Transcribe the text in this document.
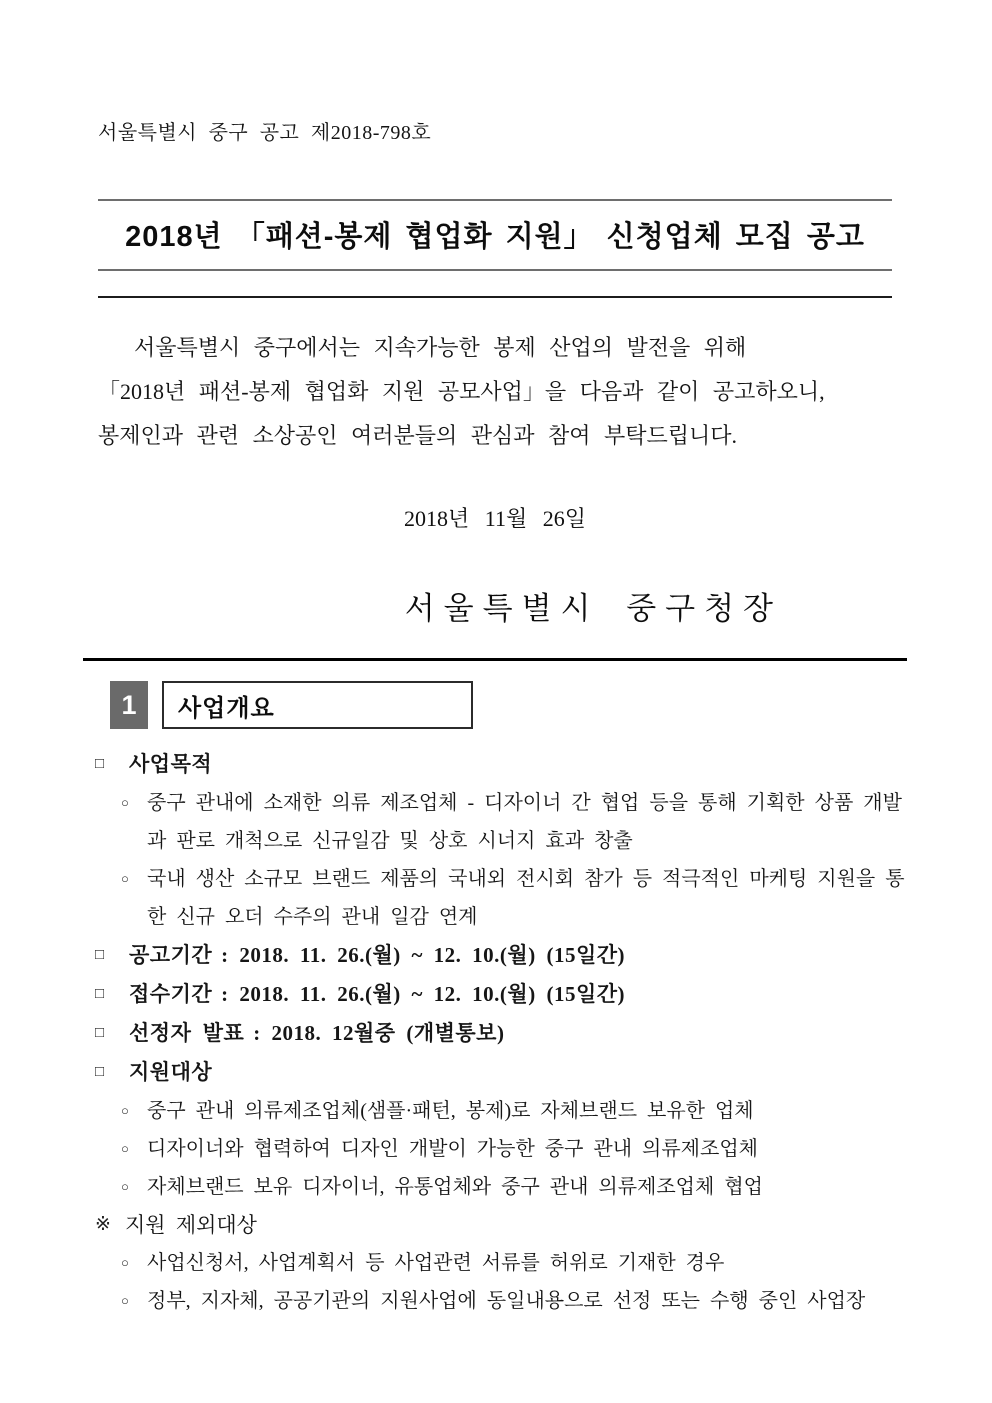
서울특별시 중구 공고 제2018-798호
2018년 「패션-봉제 협업화 지원」 신청업체 모집 공고
서울특별시 중구에서는 지속가능한 봉제 산업의 발전을 위해
「2018년 패션-봉제 협업화 지원 공모사업」을 다음과 같이 공고하오니,
봉제인과 관련 소상공인 여러분들의 관심과 참여 부탁드립니다.
2018년 11월 26일
서울특별시 중구청장
1	사업개요
□	사업목적
○ 중구 관내에 소재한 의류 제조업체 - 디자이너 간 협업 등을 통해 기획한 상품 개발과 판로 개척으로 신규일감 및 상호 시너지 효과 창출
○ 국내 생산 소규모 브랜드 제품의 국내외 전시회 참가 등 적극적인 마케팅 지원을 통한 신규 오더 수주의 관내 일감 연계
□	공고기간 : 2018. 11. 26.(월) ~ 12. 10.(월) (15일간)
□	접수기간 : 2018. 11. 26.(월) ~ 12. 10.(월) (15일간)
□	선정자 발표 : 2018. 12월중 (개별통보)
□	지원대상
○ 중구 관내 의류제조업체(샘플·패턴, 봉제)로 자체브랜드 보유한 업체
○ 디자이너와 협력하여 디자인 개발이 가능한 중구 관내 의류제조업체
○ 자체브랜드 보유 디자이너, 유통업체와 중구 관내 의류제조업체 협업
※ 지원 제외대상
○ 사업신청서, 사업계획서 등 사업관련 서류를 허위로 기재한 경우
○ 정부, 지자체, 공공기관의 지원사업에 동일내용으로 선정 또는 수행 중인 사업장
